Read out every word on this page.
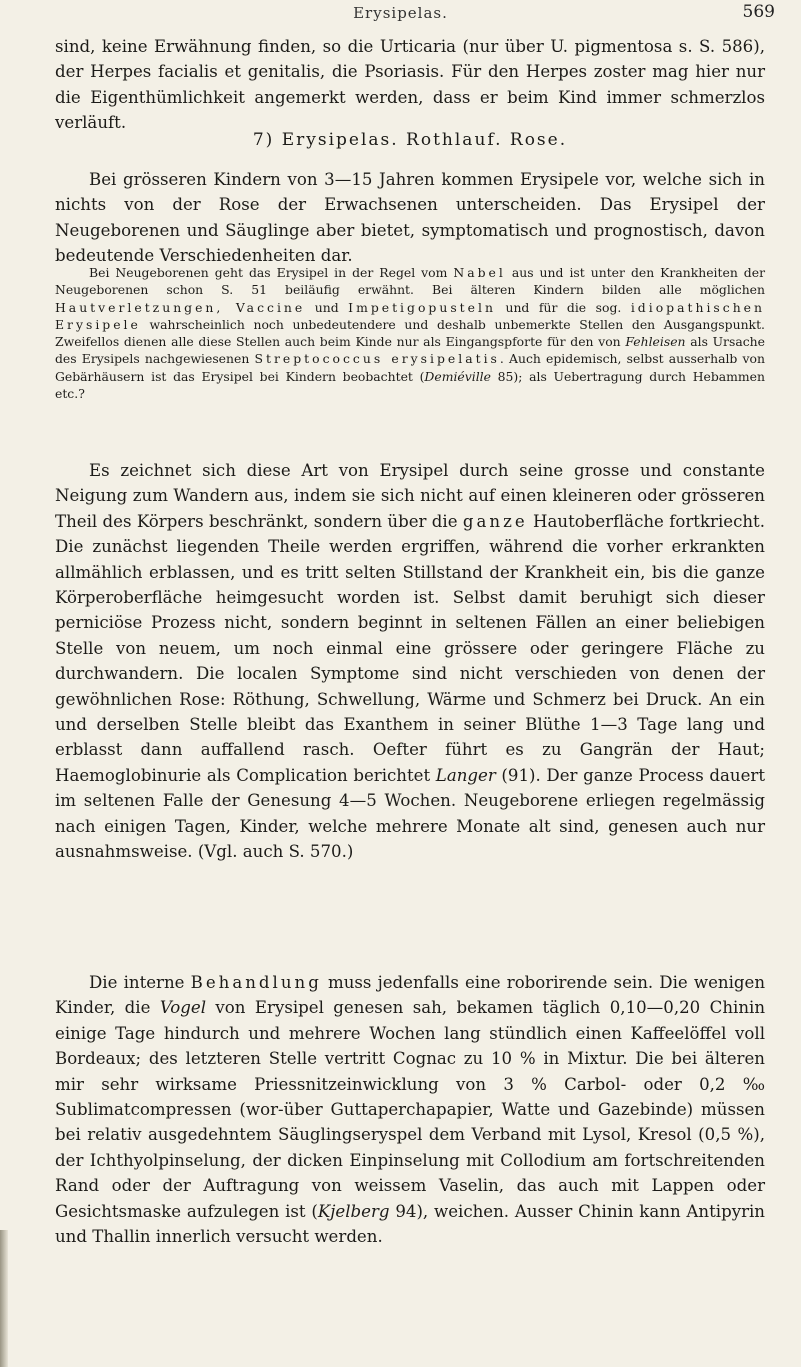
Erysipelas.	569

sind, keine Erwähnung finden, so die Urticaria (nur über U. pigmentosa s. S. 586), der Herpes facialis et genitalis, die Psoriasis. Für den Herpes zoster mag hier nur die Eigenthümlichkeit angemerkt werden, dass er beim Kind immer schmerzlos verläuft.

7) Erysipelas. Rothlauf. Rose.

Bei grösseren Kindern von 3—15 Jahren kommen Erysipele vor, welche sich in nichts von der Rose der Erwachsenen unterscheiden. Das Erysipel der Neugeborenen und Säuglinge aber bietet, symptomatisch und prognostisch, davon bedeutende Verschiedenheiten dar.

Bei Neugeborenen geht das Erysipel in der Regel vom Nabel aus und ist unter den Krankheiten der Neugeborenen schon S. 51 beiläufig erwähnt. Bei älteren Kindern bilden alle möglichen Hautverletzungen, Vaccine und Impetigopusteln und für die sog. idiopathischen Erysipele wahrscheinlich noch unbedeutendere und deshalb unbemerkte Stellen den Ausgangspunkt. Zweifellos dienen alle diese Stellen auch beim Kinde nur als Eingangspforte für den von Fehleisen als Ursache des Erysipels nachgewiesenen Streptococcus erysipelatis. Auch epidemisch, selbst ausserhalb von Gebärhäusern ist das Erysipel bei Kindern beobachtet (Demiéville 85); als Uebertragung durch Hebammen etc.?

Es zeichnet sich diese Art von Erysipel durch seine grosse und constante Neigung zum Wandern aus, indem sie sich nicht auf einen kleineren oder grösseren Theil des Körpers beschränkt, sondern über die ganze Hautoberfläche fortkriecht. Die zunächst liegenden Theile werden ergriffen, während die vorher erkrankten allmählich erblassen, und es tritt selten Stillstand der Krankheit ein, bis die ganze Körperoberfläche heimgesucht worden ist. Selbst damit beruhigt sich dieser perniciöse Prozess nicht, sondern beginnt in seltenen Fällen an einer beliebigen Stelle von neuem, um noch einmal eine grössere oder geringere Fläche zu durchwandern. Die localen Symptome sind nicht verschieden von denen der gewöhnlichen Rose: Röthung, Schwellung, Wärme und Schmerz bei Druck. An ein und derselben Stelle bleibt das Exanthem in seiner Blüthe 1—3 Tage lang und erblasst dann auffallend rasch. Oefter führt es zu Gangrän der Haut; Haemoglobinurie als Complication berichtet Langer (91). Der ganze Process dauert im seltenen Falle der Genesung 4—5 Wochen. Neugeborene erliegen regelmässig nach einigen Tagen, Kinder, welche mehrere Monate alt sind, genesen auch nur ausnahmsweise. (Vgl. auch S. 570.)

Die interne Behandlung muss jedenfalls eine roborirende sein. Die wenigen Kinder, die Vogel von Erysipel genesen sah, bekamen täglich 0,10—0,20 Chinin einige Tage hindurch und mehrere Wochen lang stündlich einen Kaffeelöffel voll Bordeaux; des letzteren Stelle vertritt Cognac zu 10 % in Mixtur. Die bei älteren mir sehr wirksame Priessnitzeinwicklung von 3 % Carbol- oder 0,2 ‰ Sublimatcompressen (wor-über Guttaperchapapier, Watte und Gazebinde) müssen bei relativ ausgedehntem Säuglingseryspel dem Verband mit Lysol, Kresol (0,5 %), der Ichthyolpinselung, der dicken Einpinselung mit Collodium am fortschreitenden Rand oder der Auftragung von weissem Vaselin, das auch mit Lappen oder Gesichtsmaske aufzulegen ist (Kjelberg 94), weichen. Ausser Chinin kann Antipyrin und Thallin innerlich versucht werden.
